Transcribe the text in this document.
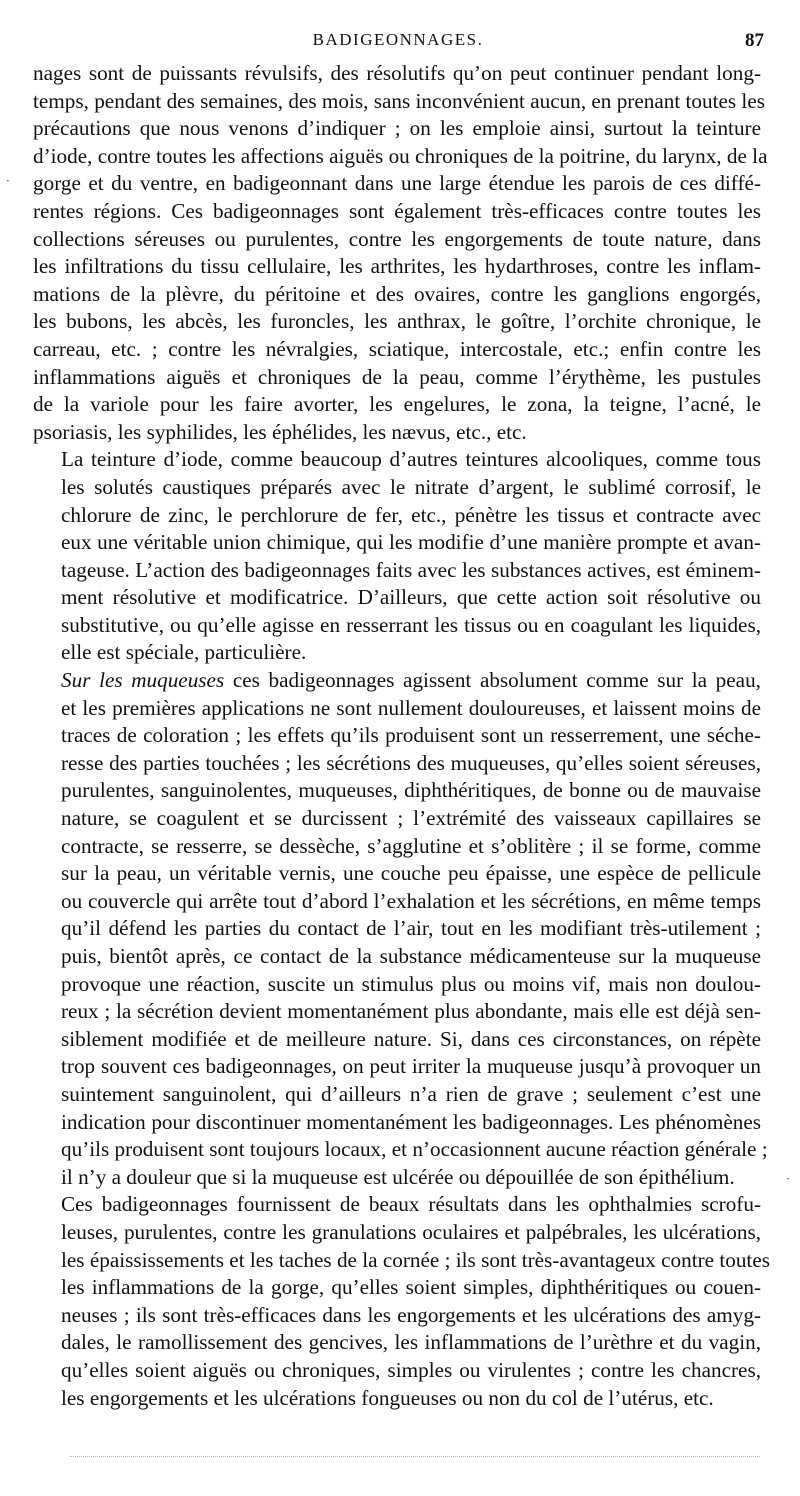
BADIGEONNAGES.	87
·
·
nages sont de puissants révulsifs, des résolutifs qu’on peut continuer pendant long-
temps, pendant des semaines, des mois, sans inconvénient aucun, en prenant toutes les
précautions que nous venons d’indiquer ; on les emploie ainsi, surtout la teinture
d’iode, contre toutes les affections aiguës ou chroniques de la poitrine, du larynx, de la
gorge et du ventre, en badigeonnant dans une large étendue les parois de ces diffé-
rentes régions. Ces badigeonnages sont également très-efficaces contre toutes les
collections séreuses ou purulentes, contre les engorgements de toute nature, dans
les infiltrations du tissu cellulaire, les arthrites, les hydarthroses, contre les inflam-
mations de la plèvre, du péritoine et des ovaires, contre les ganglions engorgés,
les bubons, les abcès, les furoncles, les anthrax, le goître, l’orchite chronique, le
carreau, etc. ; contre les névralgies, sciatique, intercostale, etc.; enfin contre les
inflammations aiguës et chroniques de la peau, comme l’érythème, les pustules
de la variole pour les faire avorter, les engelures, le zona, la teigne, l’acné, le
psoriasis, les syphilides, les éphélides, les nævus, etc., etc.
La teinture d’iode, comme beaucoup d’autres teintures alcooliques, comme tous
les solutés caustiques préparés avec le nitrate d’argent, le sublimé corrosif, le
chlorure de zinc, le perchlorure de fer, etc., pénètre les tissus et contracte avec
eux une véritable union chimique, qui les modifie d’une manière prompte et avan-
tageuse. L’action des badigeonnages faits avec les substances actives, est éminem-
ment résolutive et modificatrice. D’ailleurs, que cette action soit résolutive ou
substitutive, ou qu’elle agisse en resserrant les tissus ou en coagulant les liquides,
elle est spéciale, particulière.
Sur les muqueuses ces badigeonnages agissent absolument comme sur la peau,
et les premières applications ne sont nullement douloureuses, et laissent moins de
traces de coloration ; les effets qu’ils produisent sont un resserrement, une séche-
resse des parties touchées ; les sécrétions des muqueuses, qu’elles soient séreuses,
purulentes, sanguinolentes, muqueuses, diphthéritiques, de bonne ou de mauvaise
nature, se coagulent et se durcissent ; l’extrémité des vaisseaux capillaires se
contracte, se resserre, se dessèche, s’agglutine et s’oblitère ; il se forme, comme
sur la peau, un véritable vernis, une couche peu épaisse, une espèce de pellicule
ou couvercle qui arrête tout d’abord l’exhalation et les sécrétions, en même temps
qu’il défend les parties du contact de l’air, tout en les modifiant très-utilement ;
puis, bientôt après, ce contact de la substance médicamenteuse sur la muqueuse
provoque une réaction, suscite un stimulus plus ou moins vif, mais non doulou-
reux ; la sécrétion devient momentanément plus abondante, mais elle est déjà sen-
siblement modifiée et de meilleure nature. Si, dans ces circonstances, on répète
trop souvent ces badigeonnages, on peut irriter la muqueuse jusqu’à provoquer un
suintement sanguinolent, qui d’ailleurs n’a rien de grave ; seulement c’est une
indication pour discontinuer momentanément les badigeonnages. Les phénomènes
qu’ils produisent sont toujours locaux, et n’occasionnent aucune réaction générale ;
il n’y a douleur que si la muqueuse est ulcérée ou dépouillée de son épithélium.
Ces badigeonnages fournissent de beaux résultats dans les ophthalmies scrofu-
leuses, purulentes, contre les granulations oculaires et palpébrales, les ulcérations,
les épaississements et les taches de la cornée ; ils sont très-avantageux contre toutes
les inflammations de la gorge, qu’elles soient simples, diphthéritiques ou couen-
neuses ; ils sont très-efficaces dans les engorgements et les ulcérations des amyg-
dales, le ramollissement des gencives, les inflammations de l’urèthre et du vagin,
qu’elles soient aiguës ou chroniques, simples ou virulentes ; contre les chancres,
les engorgements et les ulcérations fongueuses ou non du col de l’utérus, etc.
